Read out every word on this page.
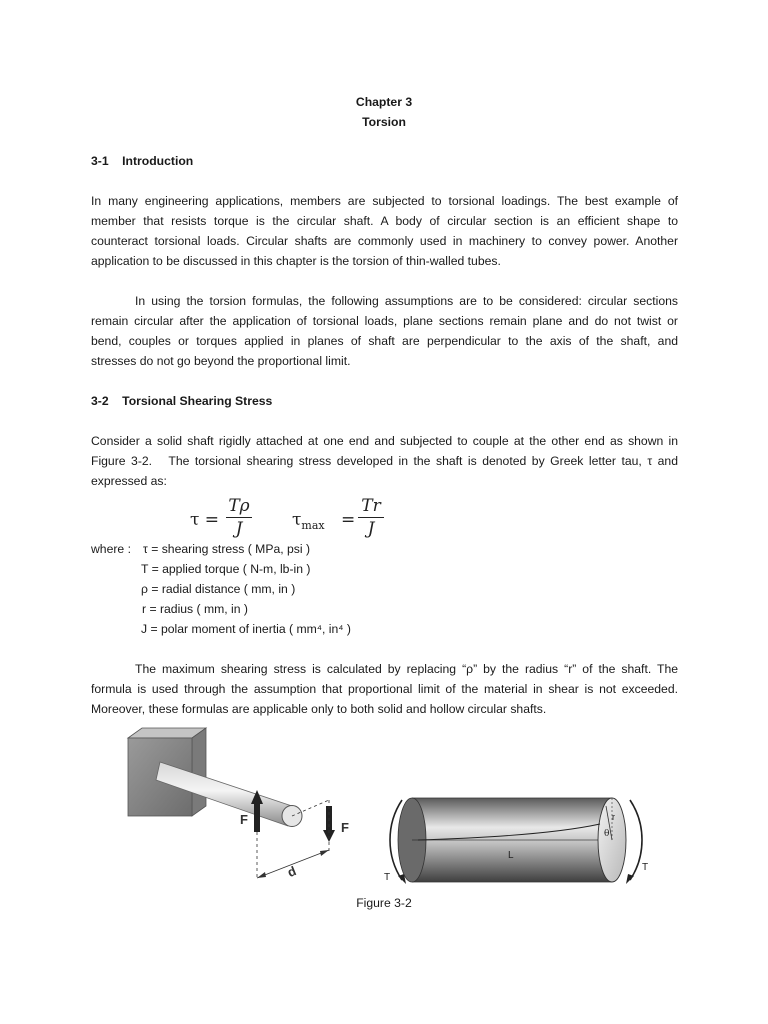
Chapter 3
Torsion
3-1    Introduction
In many engineering applications, members are subjected to torsional loadings. The best example of
member that resists torque is the circular shaft. A body of circular section is an efficient shape to
counteract torsional loads. Circular shafts are commonly used in machinery to convey power. Another
application to be discussed in this chapter is the torsion of thin-walled tubes.
In using the torsion formulas, the following assumptions are to be considered: circular sections
remain circular after the application of torsional loads, plane sections remain plane and do not twist or
bend, couples or torques applied in planes of shaft are perpendicular to the axis of the shaft, and
stresses do not go beyond the proportional limit.
3-2    Torsional Shearing Stress
Consider a solid shaft rigidly attached at one end and subjected to couple at the other end as shown in
Figure 3-2.   The torsional shearing stress developed in the shaft is denoted by Greek letter tau, τ and
expressed as:
τ =
Tρ
J	$\tau_{max}$ =
Tr
J
where : τ = shearing stress ( MPa, psi )
T = applied torque ( N-m, lb-in )
ρ = radial distance ( mm, in )
r = radius ( mm, in )
J = polar moment of inertia ( mm⁴, in⁴ )
The maximum shearing stress is calculated by replacing “ρ” by the radius “r” of the shaft. The
formula is used through the assumption that proportional limit of the material in shear is not exceeded.
Moreover, these formulas are applicable only to both solid and hollow circular shafts.
F
F
d
L
r
θ
T
T
Figure 3-2
